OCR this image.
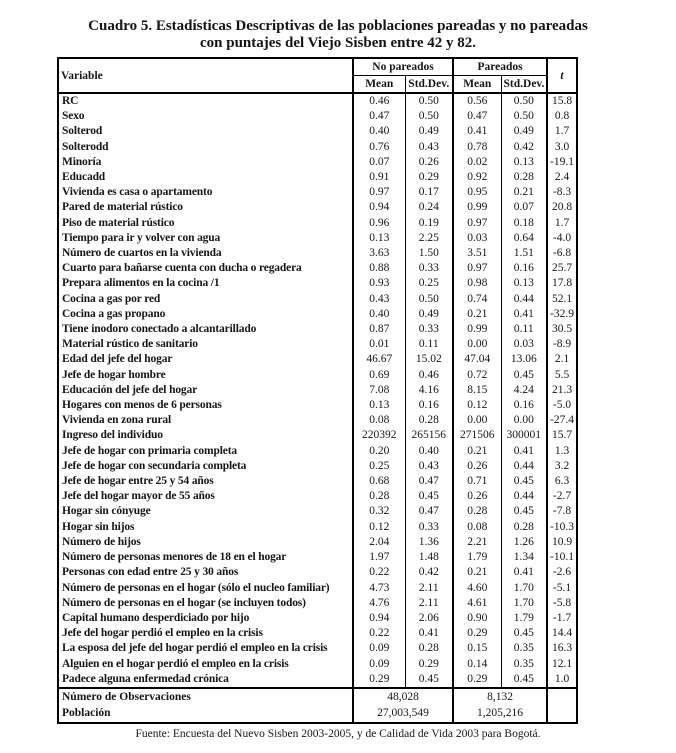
Cuadro 5. Estadísticas Descriptivas de las poblaciones pareadas y no pareadas
con puntajes del Viejo Sisben entre 42 y 82.
Variable	No pareados		Pareados		t
	Mean	Std.Dev.	Mean	Std.Dev.	
RC	0.46	0.50	0.56	0.50	15.8
Sexo	0.47	0.50	0.47	0.50	0.8
Solterod	0.40	0.49	0.41	0.49	1.7
Solterodd	0.76	0.43	0.78	0.42	3.0
Minoría	0.07	0.26	0.02	0.13	-19.1
Educadd	0.91	0.29	0.92	0.28	2.4
Vivienda es casa o apartamento	0.97	0.17	0.95	0.21	-8.3
Pared de material rústico	0.94	0.24	0.99	0.07	20.8
Piso de material rústico	0.96	0.19	0.97	0.18	1.7
Tiempo para ir y volver con agua	0.13	2.25	0.03	0.64	-4.0
Número de cuartos en la vivienda	3.63	1.50	3.51	1.51	-6.8
Cuarto para bañarse cuenta con ducha o regadera	0.88	0.33	0.97	0.16	25.7
Prepara alimentos en la cocina /1	0.93	0.25	0.98	0.13	17.8
Cocina a gas por red	0.43	0.50	0.74	0.44	52.1
Cocina a gas propano	0.40	0.49	0.21	0.41	-32.9
Tiene inodoro conectado a alcantarillado	0.87	0.33	0.99	0.11	30.5
Material rústico de sanitario	0.01	0.11	0.00	0.03	-8.9
Edad del jefe del hogar	46.67	15.02	47.04	13.06	2.1
Jefe de hogar hombre	0.69	0.46	0.72	0.45	5.5
Educación del jefe del hogar	7.08	4.16	8.15	4.24	21.3
Hogares con menos de 6 personas	0.13	0.16	0.12	0.16	-5.0
Vivienda en zona rural	0.08	0.28	0.00	0.00	-27.4
Ingreso del individuo	220392	265156	271506	300001	15.7
Jefe de hogar con primaria completa	0.20	0.40	0.21	0.41	1.3
Jefe de hogar con secundaria completa	0.25	0.43	0.26	0.44	3.2
Jefe de hogar entre 25 y 54 años	0.68	0.47	0.71	0.45	6.3
Jefe del hogar mayor de 55 años	0.28	0.45	0.26	0.44	-2.7
Hogar sin cónyuge	0.32	0.47	0.28	0.45	-7.8
Hogar sin hijos	0.12	0.33	0.08	0.28	-10.3
Número de hijos	2.04	1.36	2.21	1.26	10.9
Número de personas menores de 18 en el hogar	1.97	1.48	1.79	1.34	-10.1
Personas con edad entre 25 y 30 años	0.22	0.42	0.21	0.41	-2.6
Número de personas en el hogar (sólo el nucleo familiar)	4.73	2.11	4.60	1.70	-5.1
Número de personas en el hogar (se incluyen todos)	4.76	2.11	4.61	1.70	-5.8
Capital humano desperdiciado por hijo	0.94	2.06	0.90	1.79	-1.7
Jefe del hogar perdió el empleo en la crisis	0.22	0.41	0.29	0.45	14.4
La esposa del jefe del hogar perdió el empleo en la crisis	0.09	0.28	0.15	0.35	16.3
Alguien en el hogar perdió el empleo en la crisis	0.09	0.29	0.14	0.35	12.1
Padece alguna enfermedad crónica	0.29	0.45	0.29	0.45	1.0
Número de Observaciones	48,028		8,132		
Población	27,003,549		1,205,216		
Fuente: Encuesta del Nuevo Sisben 2003-2005, y de Calidad de Vida 2003 para Bogotá.
